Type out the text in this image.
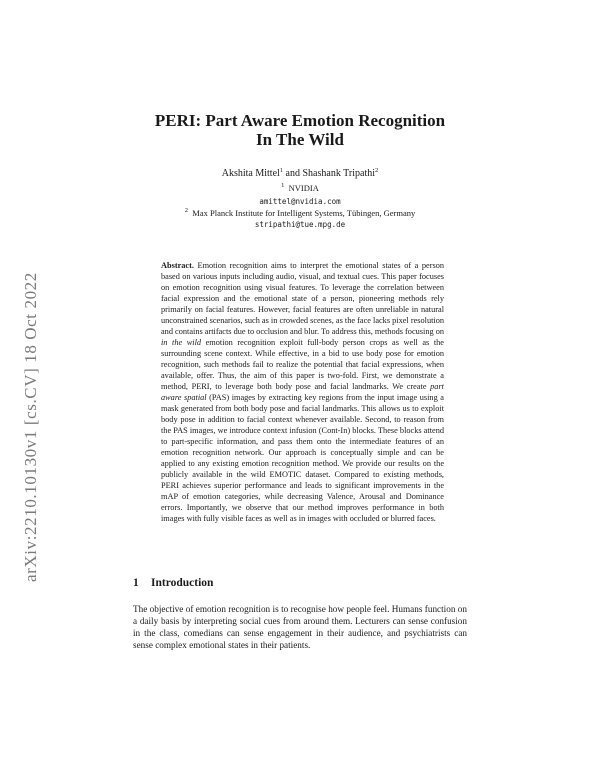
arXiv:2210.10130v1 [cs.CV] 18 Oct 2022
PERI: Part Aware Emotion Recognition
In The Wild
Akshita Mittel$^1$ and Shashank Tripathi$^2$
$^1$ NVIDIA
amittel@nvidia.com
$^2$ Max Planck Institute for Intelligent Systems, Tübingen, Germany
stripathi@tue.mpg.de

Abstract. Emotion recognition aims to interpret the emotional states of a person based on various inputs including audio, visual, and textual cues. This paper focuses on emotion recognition using visual features. To leverage the correlation between facial expression and the emotional state of a person, pioneering methods rely primarily on facial features. However, facial features are often unreliable in natural unconstrained scenarios, such as in crowded scenes, as the face lacks pixel resolution and contains artifacts due to occlusion and blur. To address this, methods focusing on in the wild emotion recognition exploit full-body person crops as well as the surrounding scene context. While effective, in a bid to use body pose for emotion recognition, such methods fail to realize the potential that facial expressions, when available, offer. Thus, the aim of this paper is two-fold. First, we demonstrate a method, PERI, to leverage both body pose and facial landmarks. We create part aware spatial (PAS) images by extracting key regions from the input image using a mask generated from both body pose and facial landmarks. This allows us to exploit body pose in addition to facial context whenever available. Second, to reason from the PAS images, we introduce context infusion (Cont-In) blocks. These blocks attend to part-specific information, and pass them onto the intermediate features of an emotion recognition network. Our approach is conceptually simple and can be applied to any existing emotion recognition method. We provide our results on the publicly available in the wild EMOTIC dataset. Compared to existing methods, PERI achieves superior performance and leads to significant improvements in the mAP of emotion categories, while decreasing Valence, Arousal and Dominance errors. Importantly, we observe that our method improves performance in both images with fully visible faces as well as in images with occluded or blurred faces.

1 Introduction

The objective of emotion recognition is to recognise how people feel. Humans function on a daily basis by interpreting social cues from around them. Lecturers can sense confusion in the class, comedians can sense engagement in their audience, and psychiatrists can sense complex emotional states in their patients.
